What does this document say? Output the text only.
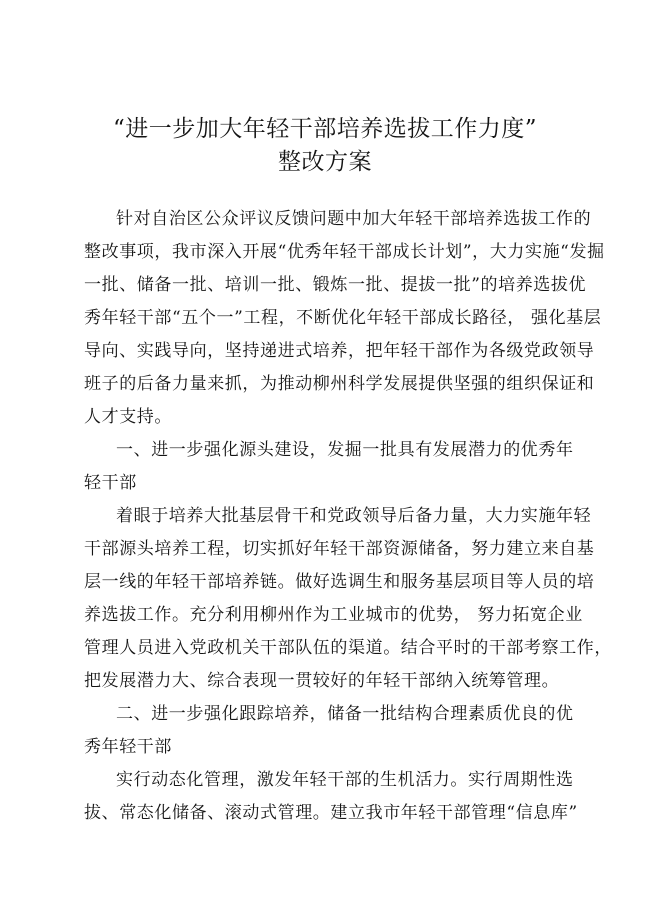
“进一步加大年轻干部培养选拔工作力度”
整改方案
针对自治区公众评议反馈问题中加大年轻干部培养选拔工作的
整改事项，我市深入开展“优秀年轻干部成长计划”，大力实施“发掘
一批、储备一批、培训一批、锻炼一批、提拔一批”的培养选拔优
秀年轻干部“五个一”工程，不断优化年轻干部成长路径， 强化基层
导向、实践导向，坚持递进式培养，把年轻干部作为各级党政领导
班子的后备力量来抓，为推动柳州科学发展提供坚强的组织保证和
人才支持。
一、进一步强化源头建设，发掘一批具有发展潜力的优秀年
轻干部
着眼于培养大批基层骨干和党政领导后备力量，大力实施年轻
干部源头培养工程，切实抓好年轻干部资源储备，努力建立来自基
层一线的年轻干部培养链。做好选调生和服务基层项目等人员的培
养选拔工作。充分利用柳州作为工业城市的优势， 努力拓宽企业
管理人员进入党政机关干部队伍的渠道。结合平时的干部考察工作，
把发展潜力大、综合表现一贯较好的年轻干部纳入统筹管理。
二、进一步强化跟踪培养，储备一批结构合理素质优良的优
秀年轻干部
实行动态化管理，激发年轻干部的生机活力。实行周期性选
拔、常态化储备、滚动式管理。建立我市年轻干部管理“信息库”
